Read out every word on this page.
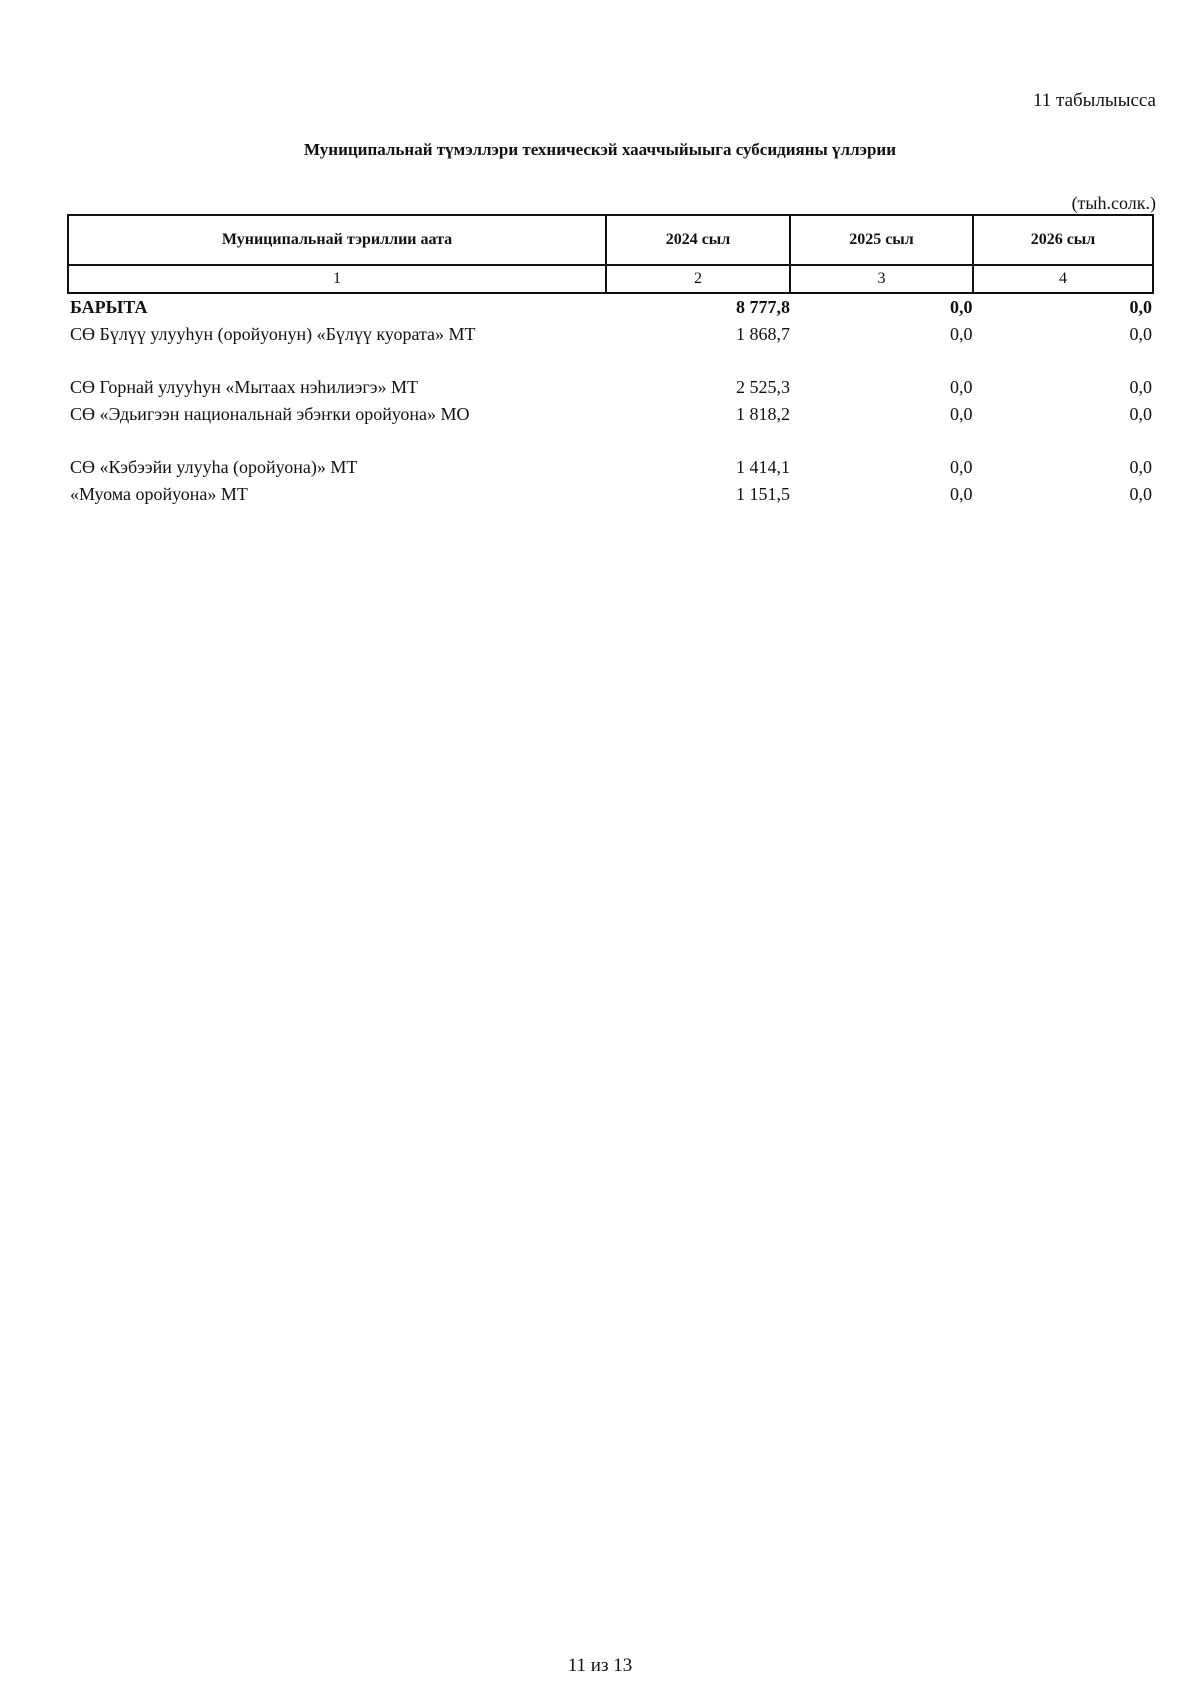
11 табылыысса
Муниципальнай түмэллэри техническэй хааччыйыыга субсидияны үллэрии
(тыһ.солк.)
Муниципальнай тэриллии аата	2024 сыл	2025 сыл	2026 сыл
1	2	3	4
БАРЫТА	8 777,8	0,0	0,0
СӨ Бүлүү улууһун (оройуонун) «Бүлүү куората» МТ	1 868,7	0,0	0,0
СӨ Горнай улууһун «Мытаах нэһилиэгэ» МТ	2 525,3	0,0	0,0
СӨ «Эдьигээн национальнай эбэҥки оройуона» МО	1 818,2	0,0	0,0
СӨ «Кэбээйи улууһа (оройуона)» МТ	1 414,1	0,0	0,0
«Муома оройуона» МТ	1 151,5	0,0	0,0
11 из 13
